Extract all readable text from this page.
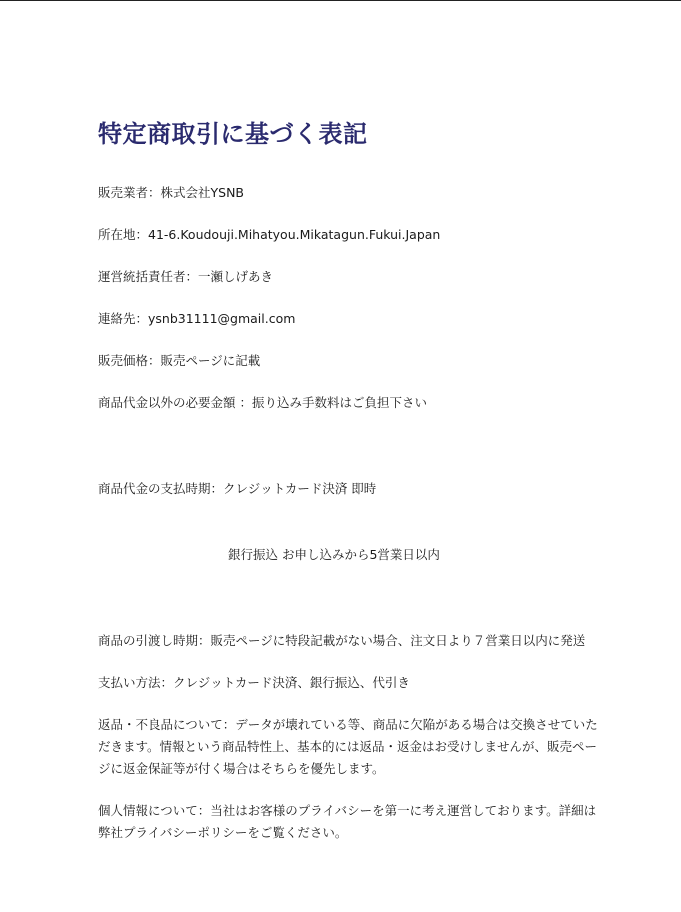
特定商取引に基づく表記
販売業者：株式会社YSNB
所在地：41-6.Koudouji.Mihatyou.Mikatagun.Fukui.Japan
運営統括責任者：一瀬しげあき
連絡先：ysnb31111@gmail.com
販売価格：販売ページに記載
商品代金以外の必要金額 ：振り込み手数料はご負担下さい

商品代金の支払時期：クレジットカード決済 即時

銀行振込 お申し込みから5営業日以内

商品の引渡し時期：販売ページに特段記載がない場合、注文日より７営業日以内に発送
支払い方法：クレジットカード決済、銀行振込、代引き
返品・不良品について：データが壊れている等、商品に欠陥がある場合は交換させていただきます。情報という商品特性上、基本的には返品・返金はお受けしませんが、販売ページに返金保証等が付く場合はそちらを優先します。
個人情報について：当社はお客様のプライバシーを第一に考え運営しております。詳細は弊社プライバシーポリシーをご覧ください。
